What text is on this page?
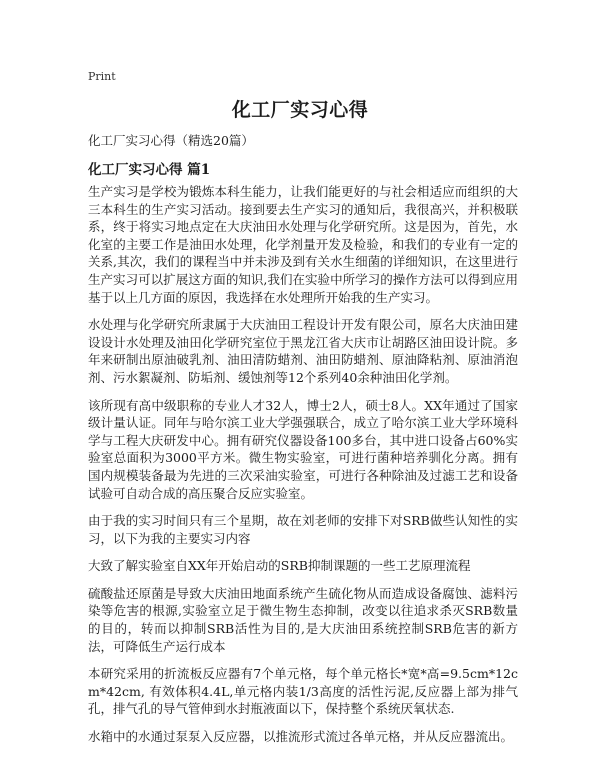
Print
化工厂实习心得
化工厂实习心得（精选20篇）
化工厂实习心得 篇1

生产实习是学校为锻炼本科生能力，让我们能更好的与社会相适应而组织的大三本科生的生产实习活动。接到要去生产实习的通知后，我很高兴，并积极联系，终于将实习地点定在大庆油田水处理与化学研究所。这是因为，首先，水化室的主要工作是油田水处理，化学剂量开发及检验，和我们的专业有一定的关系,其次，我们的课程当中并未涉及到有关水生细菌的详细知识，在这里进行生产实习可以扩展这方面的知识,我们在实验中所学习的操作方法可以得到应用基于以上几方面的原因，我选择在水处理所开始我的生产实习。

水处理与化学研究所隶属于大庆油田工程设计开发有限公司，原名大庆油田建设设计水处理及油田化学研究室位于黑龙江省大庆市让胡路区油田设计院。多年来研制出原油破乳剂、油田清防蜡剂、油田防蜡剂、原油降粘剂、原油消泡剂、污水絮凝剂、防垢剂、缓蚀剂等12个系列40余种油田化学剂。

该所现有高中级职称的专业人才32人，博士2人，硕士8人。XX年通过了国家级计量认证。同年与哈尔滨工业大学强强联合，成立了哈尔滨工业大学环境科学与工程大庆研发中心。拥有研究仪器设备100多台，其中进口设备占60%实验室总面积为3000平方米。微生物实验室，可进行菌种培养驯化分离。拥有国内规模装备最为先进的三次采油实验室，可进行各种除油及过滤工艺和设备试验可自动合成的高压聚合反应实验室。

由于我的实习时间只有三个星期，故在刘老师的安排下对SRB做些认知性的实习，以下为我的主要实习内容

大致了解实验室自XX年开始启动的SRB抑制课题的一些工艺原理流程

硫酸盐还原菌是导致大庆油田地面系统产生硫化物从而造成设备腐蚀、滤料污染等危害的根源,实验室立足于微生物生态抑制，改变以往追求杀灭SRB数量的目的，转而以抑制SRB活性为目的,是大庆油田系统控制SRB危害的新方法，可降低生产运行成本

本研究采用的折流板反应器有7个单元格，每个单元格长*宽*高=9.5cm*12cm*42cm, 有效体积4.4L,单元格内装1/3高度的活性污泥,反应器上部为排气孔，排气孔的导气管伸到水封瓶液面以下，保持整个系统厌氧状态.

水箱中的水通过泵泵入反应器，以推流形式流过各单元格，并从反应器流出。
